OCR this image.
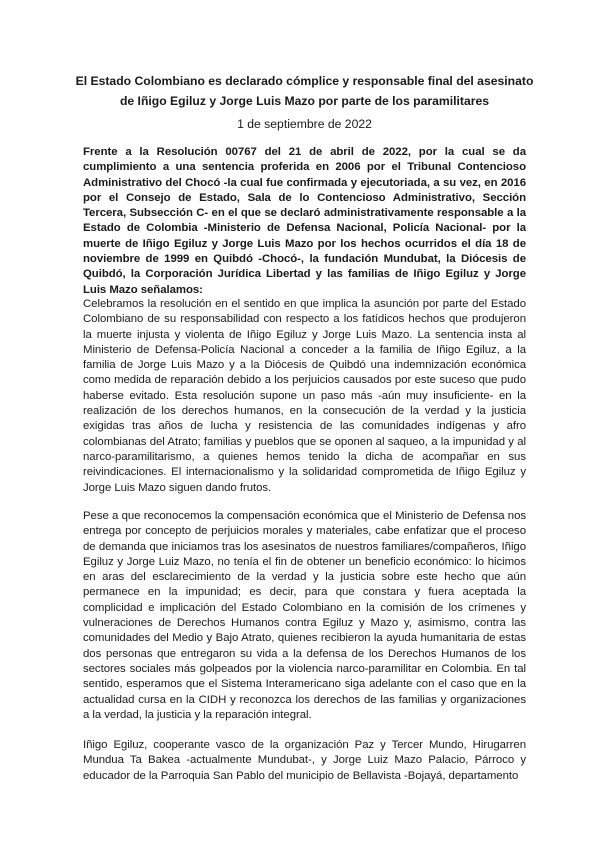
El Estado Colombiano es declarado cómplice y responsable final del asesinato de Iñigo Egiluz y Jorge Luis Mazo por parte de los paramilitares

1 de septiembre de 2022

Frente a la Resolución 00767 del 21 de abril de 2022, por la cual se da cumplimiento a una sentencia proferida en 2006 por el Tribunal Contencioso Administrativo del Chocó -la cual fue confirmada y ejecutoriada, a su vez, en 2016 por el Consejo de Estado, Sala de lo Contencioso Administrativo, Sección Tercera, Subsección C- en el que se declaró administrativamente responsable a la Estado de Colombia -Ministerio de Defensa Nacional, Policía Nacional- por la muerte de Iñigo Egiluz y Jorge Luis Mazo por los hechos ocurridos el día 18 de noviembre de 1999 en Quibdó -Chocó-, la fundación Mundubat, la Diócesis de Quibdó, la Corporación Jurídica Libertad y las familias de Iñigo Egiluz y Jorge Luis Mazo señalamos:

Celebramos la resolución en el sentido en que implica la asunción por parte del Estado Colombiano de su responsabilidad con respecto a los fatídicos hechos que produjeron la muerte injusta y violenta de Iñigo Egiluz y Jorge Luis Mazo. La sentencia insta al Ministerio de Defensa-Policía Nacional a conceder a la familia de Iñigo Egiluz, a la familia de Jorge Luis Mazo y a la Diócesis de Quibdó una indemnización económica como medida de reparación debido a los perjuicios causados por este suceso que pudo haberse evitado. Esta resolución supone un paso más -aún muy insuficiente- en la realización de los derechos humanos, en la consecución de la verdad y la justicia exigidas tras años de lucha y resistencia de las comunidades indígenas y afro colombianas del Atrato; familias y pueblos que se oponen al saqueo, a la impunidad y al narco-paramilitarismo, a quienes hemos tenido la dicha de acompañar en sus reivindicaciones. El internacionalismo y la solidaridad comprometida de Iñigo Egiluz y Jorge Luis Mazo siguen dando frutos.

Pese a que reconocemos la compensación económica que el Ministerio de Defensa nos entrega por concepto de perjuicios morales y materiales, cabe enfatizar que el proceso de demanda que iniciamos tras los asesinatos de nuestros familiares/compañeros, Iñigo Egiluz y Jorge Luiz Mazo, no tenía el fin de obtener un beneficio económico: lo hicimos en aras del esclarecimiento de la verdad y la justicia sobre este hecho que aún permanece en la impunidad; es decir, para que constara y fuera aceptada la complicidad e implicación del Estado Colombiano en la comisión de los crímenes y vulneraciones de Derechos Humanos contra Egiluz y Mazo y, asimismo, contra las comunidades del Medio y Bajo Atrato, quienes recibieron la ayuda humanitaria de estas dos personas que entregaron su vida a la defensa de los Derechos Humanos de los sectores sociales más golpeados por la violencia narco-paramilitar en Colombia. En tal sentido, esperamos que el Sistema Interamericano siga adelante con el caso que en la actualidad cursa en la CIDH y reconozca los derechos de las familias y organizaciones a la verdad, la justicia y la reparación integral.

Iñigo Egiluz, cooperante vasco de la organización Paz y Tercer Mundo, Hirugarren Mundua Ta Bakea -actualmente Mundubat-, y Jorge Luiz Mazo Palacio, Párroco y educador de la Parroquia San Pablo del municipio de Bellavista -Bojayá, departamento
